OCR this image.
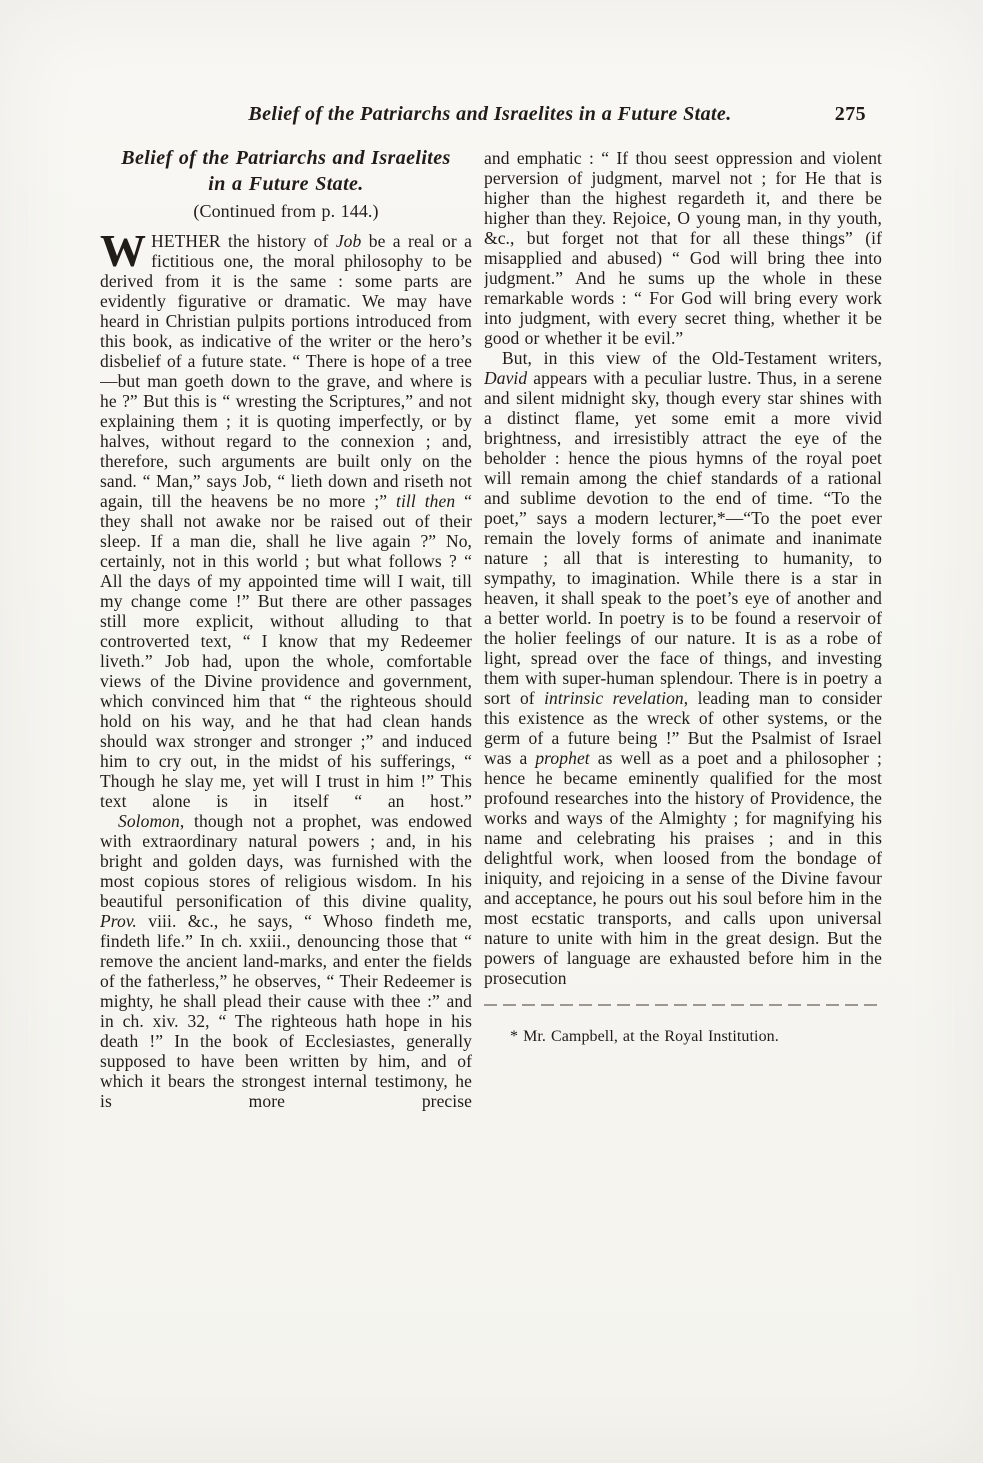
Belief of the Patriarchs and Israelites in a Future State.	275
Belief of the Patriarchs and Israelites
in a Future State.
(Continued from p. 144.)

WHETHER the history of Job be a real or a fictitious one, the moral philosophy to be derived from it is the same : some parts are evidently figurative or dramatic. We may have heard in Christian pulpits portions introduced from this book, as indicative of the writer or the hero’s disbelief of a future state. “ There is hope of a tree—but man goeth down to the grave, and where is he ?” But this is “ wresting the Scriptures,” and not explaining them ; it is quoting imperfectly, or by halves, without regard to the connexion ; and, therefore, such arguments are built only on the sand. “ Man,” says Job, “ lieth down and riseth not again, till the heavens be no more ;” till then “ they shall not awake nor be raised out of their sleep. If a man die, shall he live again ?” No, certainly, not in this world ; but what follows ? “ All the days of my appointed time will I wait, till my change come !” But there are other passages still more explicit, without alluding to that controverted text, “ I know that my Redeemer liveth.” Job had, upon the whole, comfortable views of the Divine providence and government, which convinced him that “ the righteous should hold on his way, and he that had clean hands should wax stronger and stronger ;” and induced him to cry out, in the midst of his sufferings, “ Though he slay me, yet will I trust in him !” This text alone is in itself “ an host.”

Solomon, though not a prophet, was endowed with extraordinary natural powers ; and, in his bright and golden days, was furnished with the most copious stores of religious wisdom. In his beautiful personification of this divine quality, Prov. viii. &c., he says, “ Whoso findeth me, findeth life.” In ch. xxiii., denouncing those that “ remove the ancient land-marks, and enter the fields of the fatherless,” he observes, “ Their Redeemer is mighty, he shall plead their cause with thee :” and in ch. xiv. 32, “ The righteous hath hope in his death !” In the book of Ecclesiastes, generally supposed to have been written by him, and of which it bears the strongest internal testimony, he is more precise

and emphatic : “ If thou seest oppression and violent perversion of judgment, marvel not ; for He that is higher than the highest regardeth it, and there be higher than they. Rejoice, O young man, in thy youth, &c., but forget not that for all these things” (if misapplied and abused) “ God will bring thee into judgment.” And he sums up the whole in these remarkable words : “ For God will bring every work into judgment, with every secret thing, whether it be good or whether it be evil.”

But, in this view of the Old-Testament writers, David appears with a peculiar lustre. Thus, in a serene and silent midnight sky, though every star shines with a distinct flame, yet some emit a more vivid brightness, and irresistibly attract the eye of the beholder : hence the pious hymns of the royal poet will remain among the chief standards of a rational and sublime devotion to the end of time. “To the poet,” says a modern lecturer,*—“To the poet ever remain the lovely forms of animate and inanimate nature ; all that is interesting to humanity, to sympathy, to imagination. While there is a star in heaven, it shall speak to the poet’s eye of another and a better world. In poetry is to be found a reservoir of the holier feelings of our nature. It is as a robe of light, spread over the face of things, and investing them with super-human splendour. There is in poetry a sort of intrinsic revelation, leading man to consider this existence as the wreck of other systems, or the germ of a future being !” But the Psalmist of Israel was a prophet as well as a poet and a philosopher ; hence he became eminently qualified for the most profound researches into the history of Providence, the works and ways of the Almighty ; for magnifying his name and celebrating his praises ; and in this delightful work, when loosed from the bondage of iniquity, and rejoicing in a sense of the Divine favour and acceptance, he pours out his soul before him in the most ecstatic transports, and calls upon universal nature to unite with him in the great design. But the powers of language are exhausted before him in the prosecution

* Mr. Campbell, at the Royal Institution.
